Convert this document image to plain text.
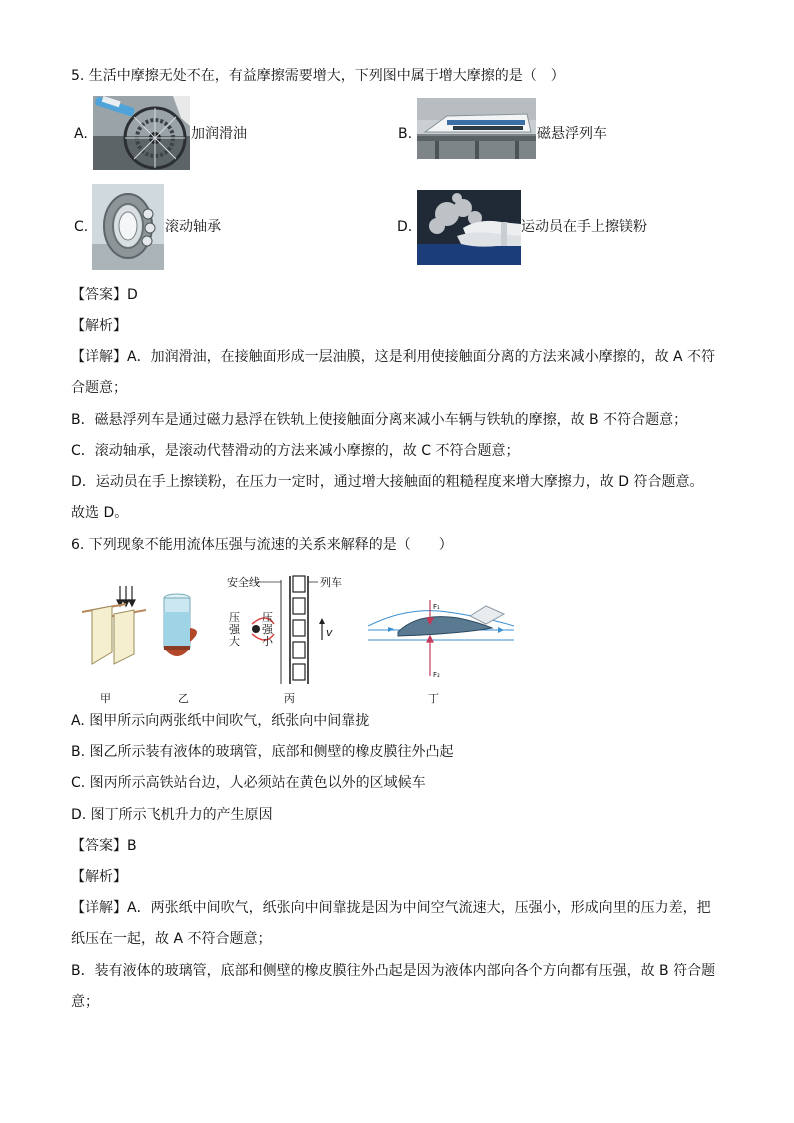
5. 生活中摩擦无处不在，有益摩擦需要增大，下列图中属于增大摩擦的是（　）
A.	加润滑油	B.	磁悬浮列车
C.	滚动轴承	D.	运动员在手上擦镁粉
【答案】D
【解析】
【详解】A．加润滑油，在接触面形成一层油膜，这是利用使接触面分离的方法来减小摩擦的，故 A 不符
合题意；
B．磁悬浮列车是通过磁力悬浮在铁轨上使接触面分离来减小车辆与铁轨的摩擦，故 B 不符合题意；
C．滚动轴承，是滚动代替滑动的方法来减小摩擦的，故 C 不符合题意；
D．运动员在手上擦镁粉，在压力一定时，通过增大接触面的粗糙程度来增大摩擦力，故 D 符合题意。
故选 D。
6. 下列现象不能用流体压强与流速的关系来解释的是（　　）
甲	乙
安全线	列车
压强大
压强小
v
丙
F₁
F₂
丁
A. 图甲所示向两张纸中间吹气，纸张向中间靠拢
B. 图乙所示装有液体的玻璃管，底部和侧壁的橡皮膜往外凸起
C. 图丙所示高铁站台边，人必须站在黄色以外的区域候车
D. 图丁所示飞机升力的产生原因
【答案】B
【解析】
【详解】A．两张纸中间吹气，纸张向中间靠拢是因为中间空气流速大，压强小，形成向里的压力差，把
纸压在一起，故 A 不符合题意；
B．装有液体的玻璃管，底部和侧壁的橡皮膜往外凸起是因为液体内部向各个方向都有压强，故 B 符合题
意；
